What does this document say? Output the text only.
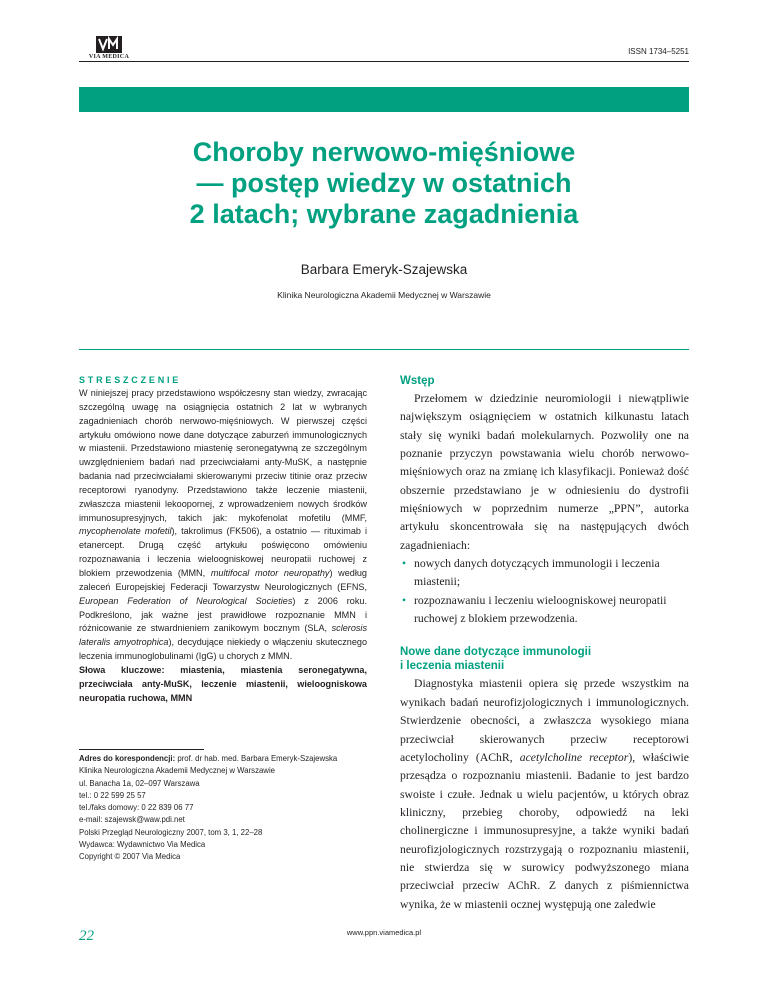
VIA MEDICA
ISSN 1734–5251
Choroby nerwowo-mięśniowe
— postęp wiedzy w ostatnich
2 latach; wybrane zagadnienia
Barbara Emeryk-Szajewska
Klinika Neurologiczna Akademii Medycznej w Warszawie
STRESZCZENIE

W niniejszej pracy przedstawiono współczesny stan wiedzy, zwracając szczególną uwagę na osiągnięcia ostatnich 2 lat w wybranych zagadnieniach chorób nerwowo-mięśniowych. W pierwszej części artykułu omówiono nowe dane dotyczące zaburzeń immunologicznych w miastenii. Przedstawiono miastenię seronegatywną ze szczególnym uwzględnieniem badań nad przeciwciałami anty-MuSK, a następnie badania nad przeciwciałami skierowanymi przeciw titinie oraz przeciw receptorowi ryanodyny. Przedstawiono także leczenie miastenii, zwłaszcza miastenii lekoopornej, z wprowadzeniem nowych środków immunosupresyjnych, takich jak: mykofenolat mofetilu (MMF, mycophenolate mofetil), takrolimus (FK506), a ostatnio — rituximab i etanercept. Drugą część artykułu poświęcono omówieniu rozpoznawania i leczenia wieloogniskowej neuropatii ruchowej z blokiem przewodzenia (MMN, multifocal motor neuropathy) według zaleceń Europejskiej Federacji Towarzystw Neurologicznych (EFNS, European Federation of Neurological Societies) z 2006 roku. Podkreślono, jak ważne jest prawidłowe rozpoznanie MMN i różnicowanie ze stwardnieniem zanikowym bocznym (SLA, sclerosis lateralis amyotrophica), decydujące niekiedy o włączeniu skutecznego leczenia immunoglobulinami (IgG) u chorych z MMN.

Słowa kluczowe: miastenia, miastenia seronegatywna, przeciwciała anty-MuSK, leczenie miastenii, wieloogniskowa neuropatia ruchowa, MMN

Adres do korespondencji: prof. dr hab. med. Barbara Emeryk-Szajewska
Klinika Neurologiczna Akademii Medycznej w Warszawie
ul. Banacha 1a, 02–097 Warszawa
tel.: 0 22 599 25 57
tel./faks domowy: 0 22 839 06 77
e-mail: szajewsk@waw.pdi.net
Polski Przegląd Neurologiczny 2007, tom 3, 1, 22–28
Wydawca: Wydawnictwo Via Medica
Copyright © 2007 Via Medica
Wstęp

Przełomem w dziedzinie neuromiologii i niewątpliwie największym osiągnięciem w ostatnich kilkunastu latach stały się wyniki badań molekularnych. Pozwoliły one na poznanie przyczyn powstawania wielu chorób nerwowo-mięśniowych oraz na zmianę ich klasyfikacji. Ponieważ dość obszernie przedstawiano je w odniesieniu do dystrofii mięśniowych w poprzednim numerze „PPN”, autorka artykułu skoncentrowała się na następujących dwóch zagadnieniach:

• nowych danych dotyczących immunologii i leczenia miastenii;
• rozpoznawaniu i leczeniu wieloogniskowej neuropatii ruchowej z blokiem przewodzenia.
Nowe dane dotyczące immunologii
i leczenia miastenii

Diagnostyka miastenii opiera się przede wszystkim na wynikach badań neurofizjologicznych i immunologicznych. Stwierdzenie obecności, a zwłaszcza wysokiego miana przeciwciał skierowanych przeciw receptorowi acetylocholiny (AChR, acetylcholine receptor), właściwie przesądza o rozpoznaniu miastenii. Badanie to jest bardzo swoiste i czułe. Jednak u wielu pacjentów, u których obraz kliniczny, przebieg choroby, odpowiedź na leki cholinergiczne i immunosupresyjne, a także wyniki badań neurofizjologicznych rozstrzygają o rozpoznaniu miastenii, nie stwierdza się w surowicy podwyższonego miana przeciwciał przeciw AChR. Z danych z piśmiennictwa wynika, że w miastenii ocznej występują one zaledwie

22	www.ppn.viamedica.pl
